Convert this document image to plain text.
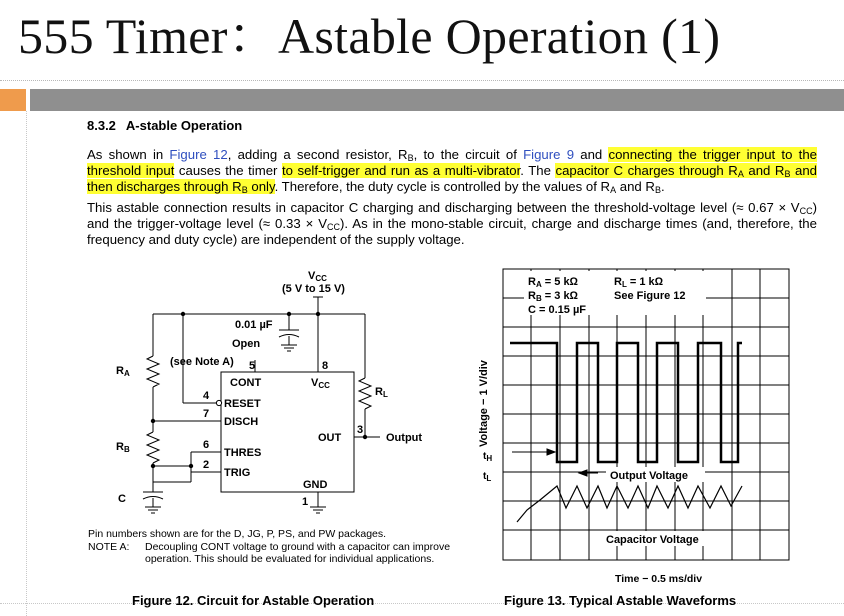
555 Timer：Astable Operation (1)
8.3.2 A-stable Operation

As shown in Figure 12, adding a second resistor, $R_B$, to the circuit of Figure 9 and connecting the trigger input to the threshold input causes the timer to self-trigger and run as a multi-vibrator. The capacitor C charges through $R_A$ and $R_B$ and then discharges through $R_B$ only. Therefore, the duty cycle is controlled by the values of $R_A$ and $R_B$.

This astable connection results in capacitor C charging and discharging between the threshold-voltage level (≈ $0.67 \times V_{CC}$) and the trigger-voltage level (≈ $0.33 \times V_{CC}$). As in the mono-stable circuit, charge and discharge times (and, therefore, the frequency and duty cycle) are independent of the supply voltage.

VCC
(5 V to 15 V)
0.01 µF
Open
(see Note A)
RA
RB
RL
C
5	8
4
7
6
2
3
1
CONT
RESET
DISCH
THRES
TRIG
GND
OUT
VCC
Output
RA = 5 kΩ	RL = 1 kΩ
RB = 3 kΩ	See Figure 12
C = 0.15 µF
Voltage − 1 V/div
tH
tL	Output Voltage
Capacitor Voltage
Time − 0.5 ms/div
Pin numbers shown are for the D, JG, P, PS, and PW packages.
NOTE A:	Decoupling CONT voltage to ground with a capacitor can improve operation. This should be evaluated for individual applications.
Figure 12. Circuit for Astable Operation	Figure 13. Typical Astable Waveforms
